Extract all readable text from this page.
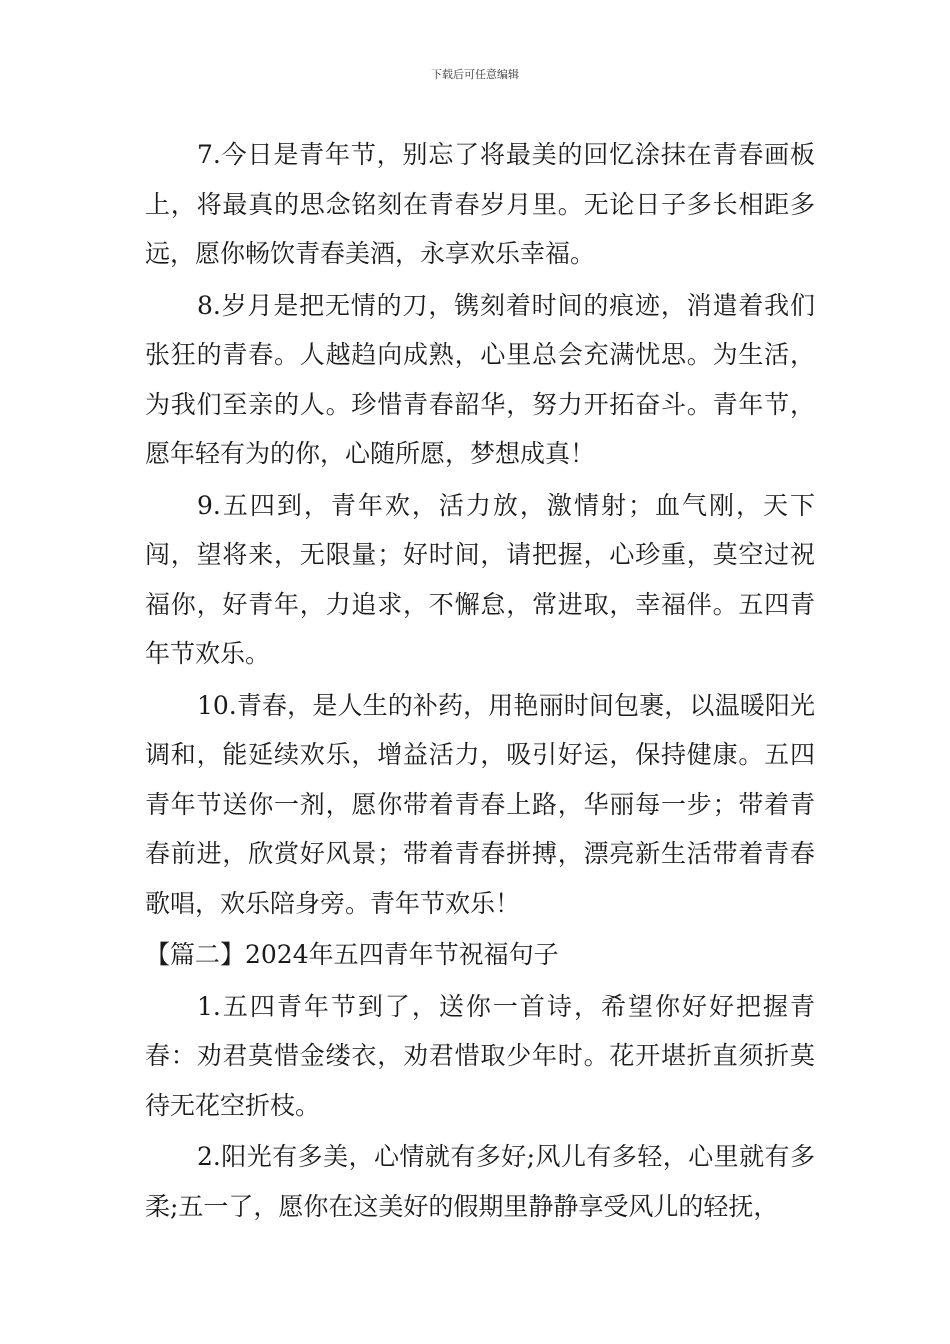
下载后可任意编辑

7.今日是青年节，别忘了将最美的回忆涂抹在青春画板上，将最真的思念铭刻在青春岁月里。无论日子多长相距多远，愿你畅饮青春美酒，永享欢乐幸福。

8.岁月是把无情的刀，镌刻着时间的痕迹，消遣着我们张狂的青春。人越趋向成熟，心里总会充满忧思。为生活，为我们至亲的人。珍惜青春韶华，努力开拓奋斗。青年节，愿年轻有为的你，心随所愿，梦想成真！

9.五四到，青年欢，活力放，激情射；血气刚，天下闯，望将来，无限量；好时间，请把握，心珍重，莫空过祝福你，好青年，力追求，不懈怠，常进取，幸福伴。五四青年节欢乐。

10.青春，是人生的补药，用艳丽时间包裹，以温暖阳光调和，能延续欢乐，增益活力，吸引好运，保持健康。五四青年节送你一剂，愿你带着青春上路，华丽每一步；带着青春前进，欣赏好风景；带着青春拼搏，漂亮新生活带着青春歌唱，欢乐陪身旁。青年节欢乐！

【篇二】2024年五四青年节祝福句子

1.五四青年节到了，送你一首诗，希望你好好把握青春：劝君莫惜金缕衣，劝君惜取少年时。花开堪折直须折莫待无花空折枝。

2.阳光有多美，心情就有多好;风儿有多轻，心里就有多柔;五一了，愿你在这美好的假期里静静享受风儿的轻抚，
